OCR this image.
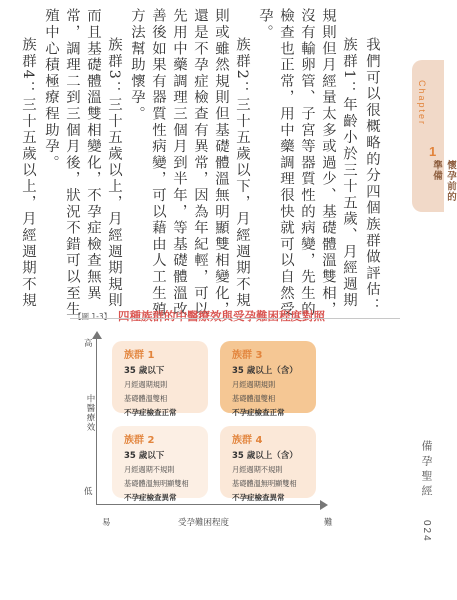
我們可以很概略的分四個族群做評估：

族群1：年齡小於三十五歲、月經週期規則但月經量太多或過少、基礎體溫雙相，沒有輸卵管、子宮等器質性的病變，先生的檢查也正常，用中藥調理很快就可以自然受孕。

族群2：三十五歲以下，月經週期不規則或雖然規則但基礎體溫無明顯雙相變化，還是不孕症檢查有異常，因為年紀輕，可以先用中藥調理三個月到半年，等基礎體溫改善後如果有器質性病變，可以藉由人工生殖方法幫助懷孕。

族群3：三十五歲以上，月經週期規則而且基礎體溫雙相變化，不孕症檢查無異常，調理二到三個月後，狀況不錯可以至生殖中心積極療程助孕。

族群4：三十五歲以上，月經週期不規	Chapter
1
懷孕前的準備
備孕聖經
024
【圖 1-3】 四種族群的中醫療效與受孕難困程度對照
高
中醫療效
低
易	受孕難困程度	難
族群 1
35 歲以下
月經週期規則
基礎體溫雙相
不孕症檢查正常
族群 3
35 歲以上（含）
月經週期規則
基礎體溫雙相
不孕症檢查正常
族群 2
35 歲以下
月經週期不規則
基礎體溫無明顯雙相
不孕症檢查異常
族群 4
35 歲以上（含）
月經週期不規則
基礎體溫無明顯雙相
不孕症檢查異常
